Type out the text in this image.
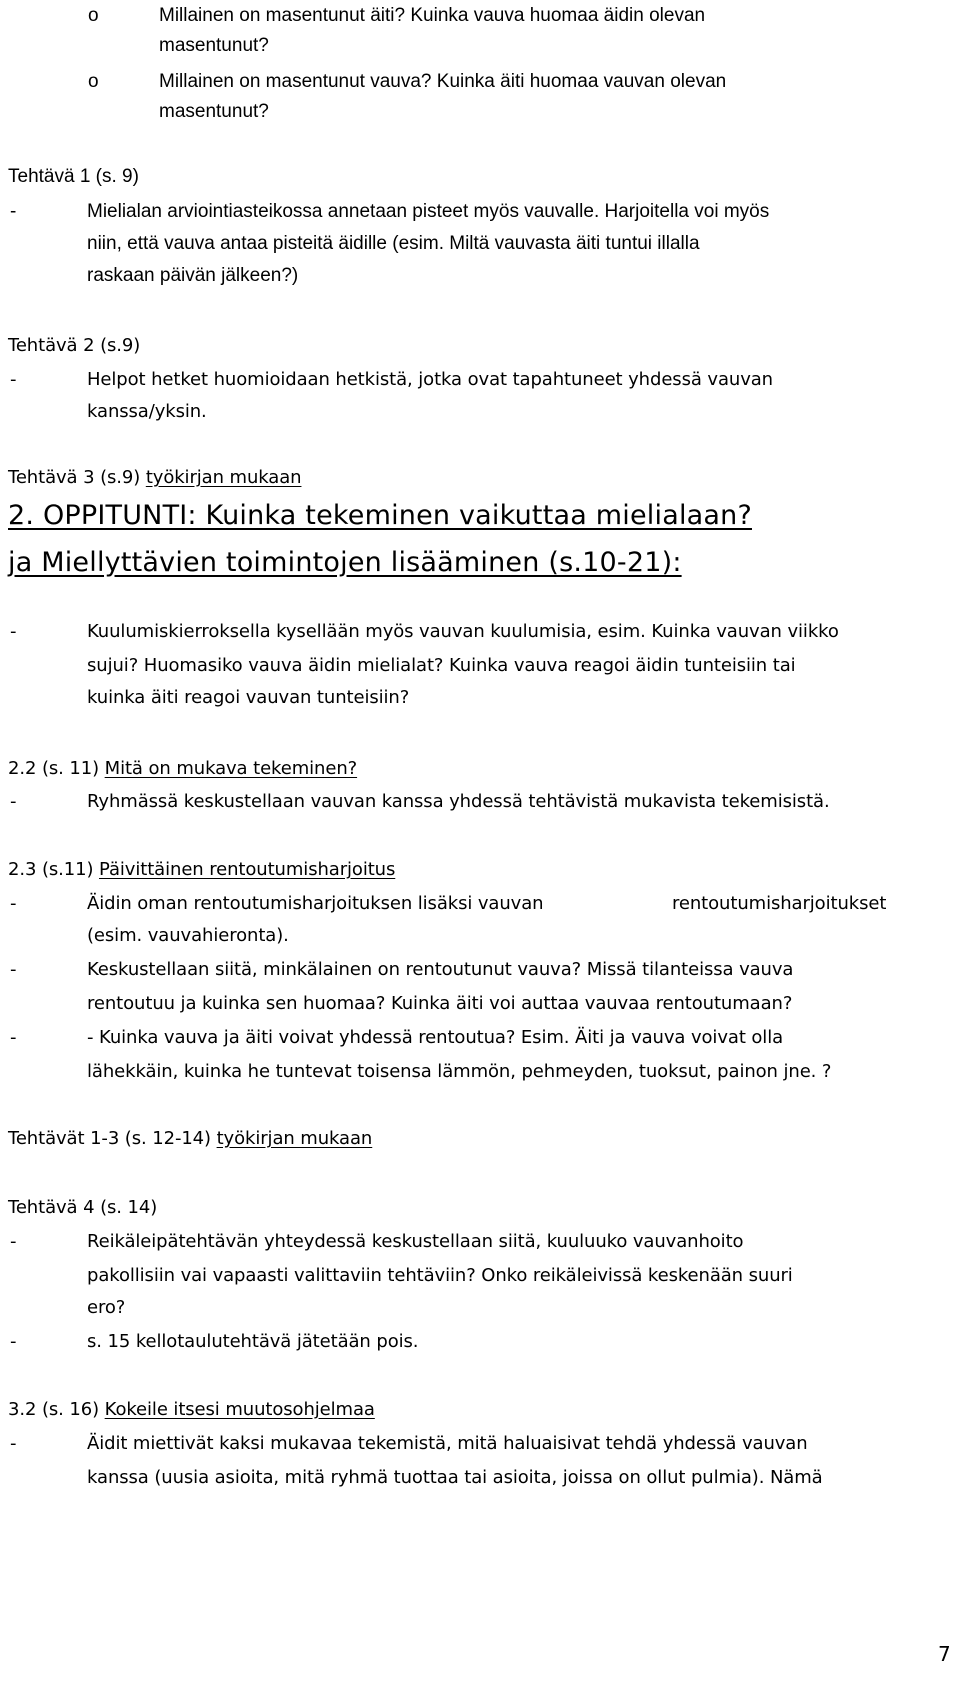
o	Millainen on masentunut äiti? Kuinka vauva huomaa äidin olevan
masentunut?
o	Millainen on masentunut vauva? Kuinka äiti huomaa vauvan olevan
masentunut?
Tehtävä 1 (s. 9)
-	Mielialan arviointiasteikossa annetaan pisteet myös vauvalle. Harjoitella voi myös
niin, että vauva antaa pisteitä äidille (esim. Miltä vauvasta äiti tuntui illalla
raskaan päivän jälkeen?)
Tehtävä 2 (s.9)
-	Helpot hetket huomioidaan hetkistä, jotka ovat tapahtuneet yhdessä vauvan
kanssa/yksin.
Tehtävä 3 (s.9) työkirjan mukaan
2. OPPITUNTI: Kuinka tekeminen vaikuttaa mielialaan?
ja Miellyttävien toimintojen lisääminen (s.10-21):
-	Kuulumiskierroksella kysellään myös vauvan kuulumisia, esim. Kuinka vauvan viikko
sujui? Huomasiko vauva äidin mielialat? Kuinka vauva reagoi äidin tunteisiin tai
kuinka äiti reagoi vauvan tunteisiin?
2.2 (s. 11) Mitä on mukava tekeminen?
-	Ryhmässä keskustellaan vauvan kanssa yhdessä tehtävistä mukavista tekemisistä.
2.3 (s.11) Päivittäinen rentoutumisharjoitus
-	Äidin oman rentoutumisharjoituksen lisäksi vauvan	rentoutumisharjoitukset
(esim. vauvahieronta).
-	Keskustellaan siitä, minkälainen on rentoutunut vauva? Missä tilanteissa vauva
rentoutuu ja kuinka sen huomaa? Kuinka äiti voi auttaa vauvaa rentoutumaan?
-	- Kuinka vauva ja äiti voivat yhdessä rentoutua? Esim. Äiti ja vauva voivat olla
lähekkäin, kuinka he tuntevat toisensa lämmön, pehmeyden, tuoksut, painon jne. ?
Tehtävät 1-3 (s. 12-14) työkirjan mukaan
Tehtävä 4 (s. 14)
-	Reikäleipätehtävän yhteydessä keskustellaan siitä, kuuluuko vauvanhoito
pakollisiin vai vapaasti valittaviin tehtäviin? Onko reikäleivissä keskenään suuri
ero?
-	s. 15 kellotaulutehtävä jätetään pois.
3.2 (s. 16) Kokeile itsesi muutosohjelmaa
-	Äidit miettivät kaksi mukavaa tekemistä, mitä haluaisivat tehdä yhdessä vauvan
kanssa (uusia asioita, mitä ryhmä tuottaa tai asioita, joissa on ollut pulmia). Nämä
7
